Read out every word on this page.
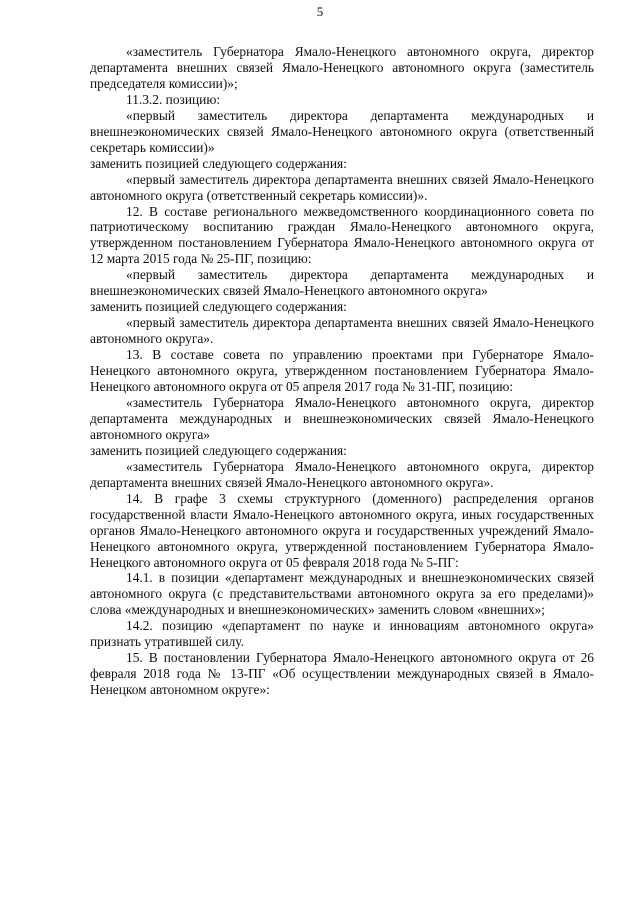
5

«заместитель Губернатора Ямало-Ненецкого автономного округа, директор департамента внешних связей Ямало-Ненецкого автономного округа (заместитель председателя комиссии)»;

11.3.2. позицию:

«первый заместитель директора департамента международных и внешнеэкономических связей Ямало-Ненецкого автономного округа (ответственный секретарь комиссии)»

заменить позицией следующего содержания:

«первый заместитель директора департамента внешних связей Ямало-Ненецкого автономного округа (ответственный секретарь комиссии)».

12. В составе регионального межведомственного координационного совета по патриотическому воспитанию граждан Ямало-Ненецкого автономного округа, утвержденном постановлением Губернатора Ямало-Ненецкого автономного округа от 12 марта 2015 года № 25-ПГ, позицию:

«первый заместитель директора департамента международных и внешнеэкономических связей Ямало-Ненецкого автономного округа»

заменить позицией следующего содержания:

«первый заместитель директора департамента внешних связей Ямало-Ненецкого автономного округа».

13. В составе совета по управлению проектами при Губернаторе Ямало-Ненецкого автономного округа, утвержденном постановлением Губернатора Ямало-Ненецкого автономного округа от 05 апреля 2017 года № 31-ПГ, позицию:

«заместитель Губернатора Ямало-Ненецкого автономного округа, директор департамента международных и внешнеэкономических связей Ямало-Ненецкого автономного округа»

заменить позицией следующего содержания:

«заместитель Губернатора Ямало-Ненецкого автономного округа, директор департамента внешних связей Ямало-Ненецкого автономного округа».

14. В графе 3 схемы структурного (доменного) распределения органов государственной власти Ямало-Ненецкого автономного округа, иных государственных органов Ямало-Ненецкого автономного округа и государственных учреждений Ямало-Ненецкого автономного округа, утвержденной постановлением Губернатора Ямало-Ненецкого автономного округа от 05 февраля 2018 года № 5-ПГ:

14.1. в позиции «департамент международных и внешнеэкономических связей автономного округа (с представительствами автономного округа за его пределами)» слова «международных и внешнеэкономических» заменить словом «внешних»;

14.2. позицию «департамент по науке и инновациям автономного округа» признать утратившей силу.

15. В постановлении Губернатора Ямало-Ненецкого автономного округа от 26 февраля 2018 года № 13-ПГ «Об осуществлении международных связей в Ямало-Ненецком автономном округе»:
